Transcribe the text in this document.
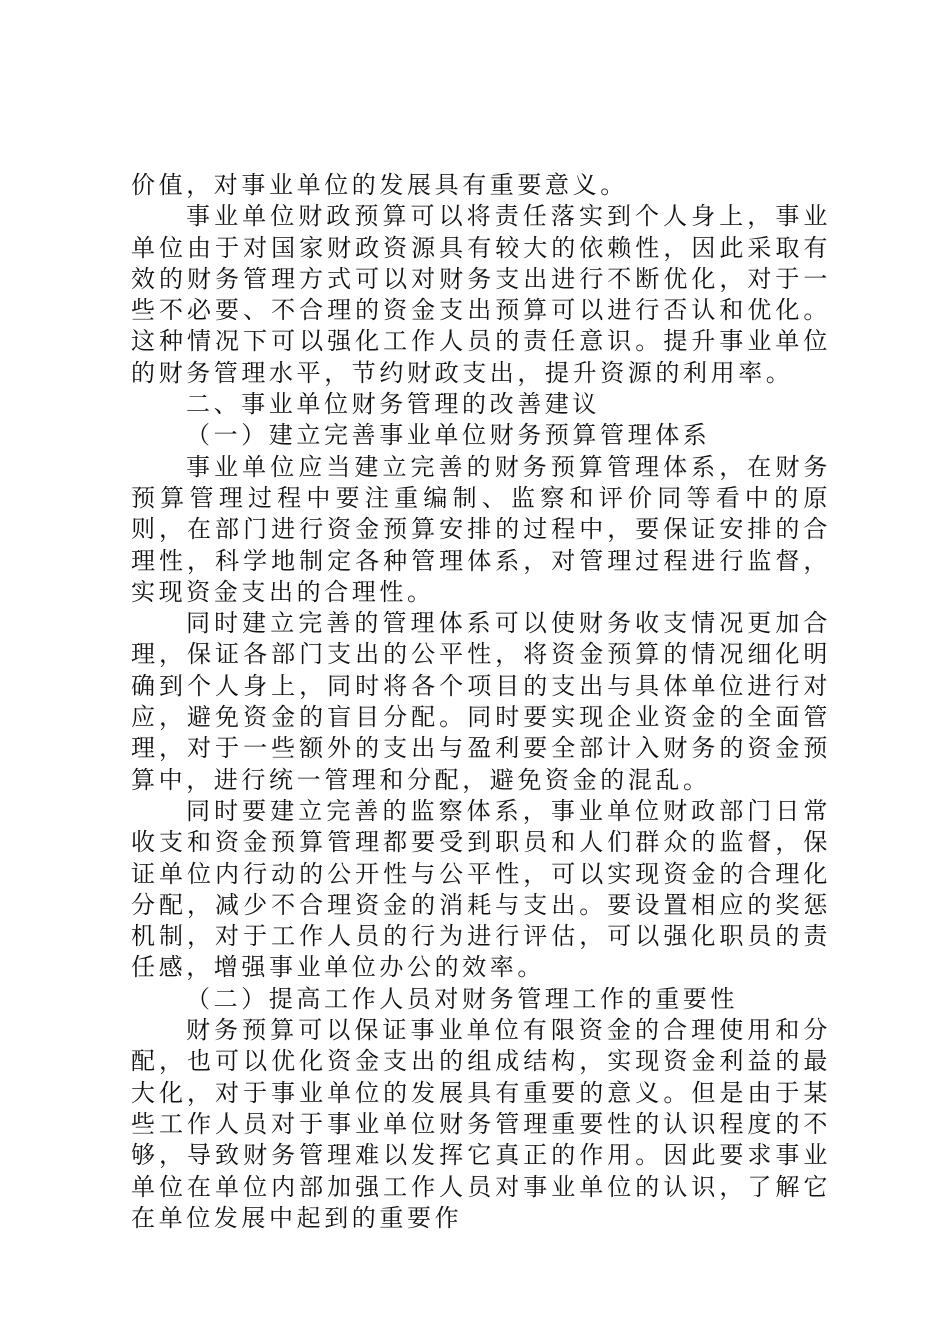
价值，对事业单位的发展具有重要意义。

事业单位财政预算可以将责任落实到个人身上，事业单位由于对国家财政资源具有较大的依赖性，因此采取有效的财务管理方式可以对财务支出进行不断优化，对于一些不必要、不合理的资金支出预算可以进行否认和优化。这种情况下可以强化工作人员的责任意识。提升事业单位的财务管理水平，节约财政支出，提升资源的利用率。

二、事业单位财务管理的改善建议

（一）建立完善事业单位财务预算管理体系

事业单位应当建立完善的财务预算管理体系，在财务预算管理过程中要注重编制、监察和评价同等看中的原则，在部门进行资金预算安排的过程中，要保证安排的合理性，科学地制定各种管理体系，对管理过程进行监督，实现资金支出的合理性。

同时建立完善的管理体系可以使财务收支情况更加合理，保证各部门支出的公平性，将资金预算的情况细化明确到个人身上，同时将各个项目的支出与具体单位进行对应，避免资金的盲目分配。同时要实现企业资金的全面管理，对于一些额外的支出与盈利要全部计入财务的资金预算中，进行统一管理和分配，避免资金的混乱。

同时要建立完善的监察体系，事业单位财政部门日常收支和资金预算管理都要受到职员和人们群众的监督，保证单位内行动的公开性与公平性，可以实现资金的合理化分配，减少不合理资金的消耗与支出。要设置相应的奖惩机制，对于工作人员的行为进行评估，可以强化职员的责任感，增强事业单位办公的效率。

（二）提高工作人员对财务管理工作的重要性

财务预算可以保证事业单位有限资金的合理使用和分配，也可以优化资金支出的组成结构，实现资金利益的最大化，对于事业单位的发展具有重要的意义。但是由于某些工作人员对于事业单位财务管理重要性的认识程度的不够，导致财务管理难以发挥它真正的作用。因此要求事业单位在单位内部加强工作人员对事业单位的认识，了解它在单位发展中起到的重要作
